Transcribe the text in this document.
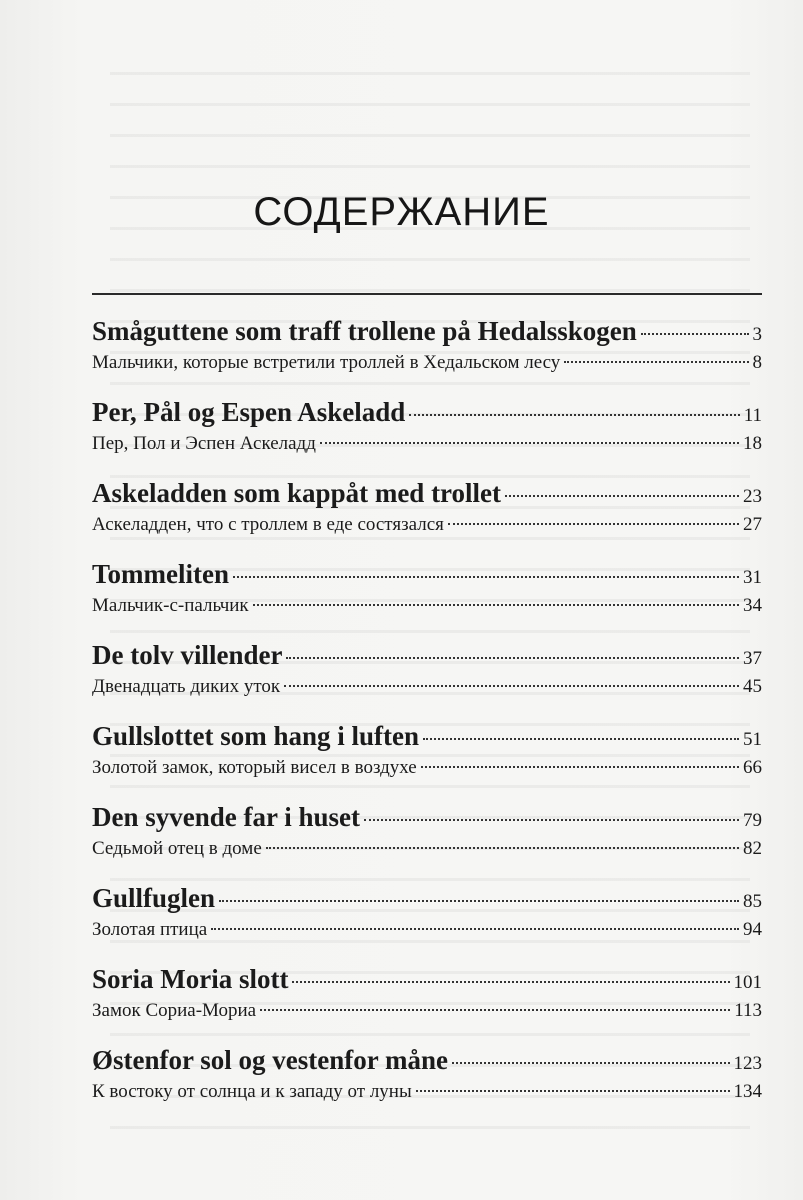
СОДЕРЖАНИЕ
Småguttene som traff trollene på Hedalsskogen	3
Мальчики, которые встретили троллей в Хедальском лесу	8
Per, Pål og Espen Askeladd	11
Пер, Пол и Эспен Аскеладд	18
Askeladden som kappåt med trollet	23
Аскеладден, что с троллем в еде состязался	27
Tommeliten	31
Мальчик-с-пальчик	34
De tolv villender	37
Двенадцать диких уток	45
Gullslottet som hang i luften	51
Золотой замок, который висел в воздухе	66
Den syvende far i huset	79
Седьмой отец в доме	82
Gullfuglen	85
Золотая птица	94
Soria Moria slott	101
Замок Сориа-Мориа	113
Østenfor sol og vestenfor måne	123
К востоку от солнца и к западу от луны	134
